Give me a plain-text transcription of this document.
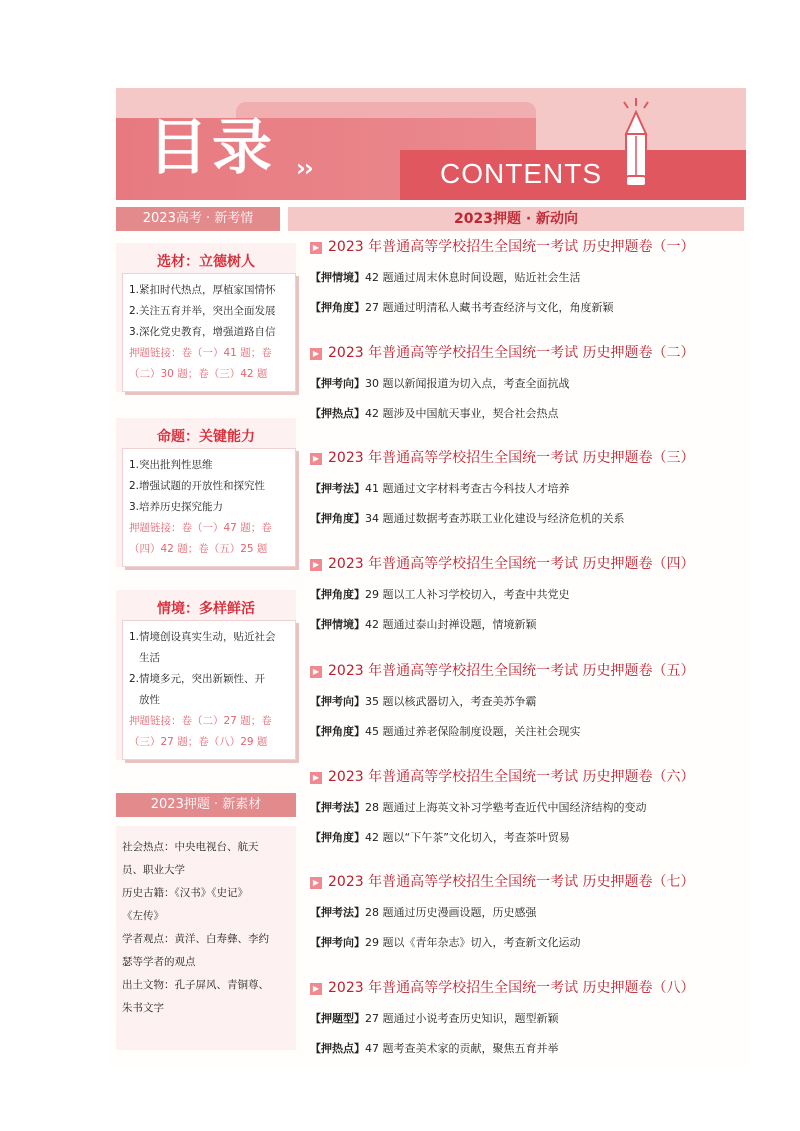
目录 ››	CONTENTS
2023高考 · 新考情
选材：立德树人

1.紧扣时代热点，厚植家国情怀

2.关注五育并举，突出全面发展

3.深化党史教育，增强道路自信

押题链接：卷（一）41 题；卷

（二）30 题；卷（三）42 题

命题：关键能力

1.突出批判性思维

2.增强试题的开放性和探究性

3.培养历史探究能力

押题链接：卷（一）47 题；卷

（四）42 题；卷（五）25 题

情境：多样鲜活

1.情境创设真实生动，贴近社会

生活

2.情境多元，突出新颖性、开

放性

押题链接：卷（二）27 题；卷

（三）27 题；卷（八）29 题

2023押题 · 新素材

社会热点：中央电视台、航天

员、职业大学

历史古籍：《汉书》《史记》

《左传》

学者观点：黄洋、白寿彝、李约

瑟等学者的观点

出土文物：孔子屏风、青铜尊、

朱书文字

2023押题 · 新动向
▶ 2023 年普通高等学校招生全国统一考试 历史押题卷（一）
【押情境】42 题通过周末休息时间设题，贴近社会生活
【押角度】27 题通过明清私人藏书考查经济与文化，角度新颖
▶ 2023 年普通高等学校招生全国统一考试 历史押题卷（二）
【押考向】30 题以新闻报道为切入点，考查全面抗战
【押热点】42 题涉及中国航天事业，契合社会热点
▶ 2023 年普通高等学校招生全国统一考试 历史押题卷（三）
【押考法】41 题通过文字材料考查古今科技人才培养
【押角度】34 题通过数据考查苏联工业化建设与经济危机的关系
▶ 2023 年普通高等学校招生全国统一考试 历史押题卷（四）
【押角度】29 题以工人补习学校切入，考查中共党史
【押情境】42 题通过泰山封禅设题，情境新颖
▶ 2023 年普通高等学校招生全国统一考试 历史押题卷（五）
【押考向】35 题以核武器切入，考查美苏争霸
【押角度】45 题通过养老保险制度设题，关注社会现实
▶ 2023 年普通高等学校招生全国统一考试 历史押题卷（六）
【押考法】28 题通过上海英文补习学塾考查近代中国经济结构的变动
【押角度】42 题以“下午茶”文化切入，考查茶叶贸易
▶ 2023 年普通高等学校招生全国统一考试 历史押题卷（七）
【押考法】28 题通过历史漫画设题，历史感强
【押考向】29 题以《青年杂志》切入，考查新文化运动
▶ 2023 年普通高等学校招生全国统一考试 历史押题卷（八）
【押题型】27 题通过小说考查历史知识，题型新颖
【押热点】47 题考查美术家的贡献，聚焦五育并举
